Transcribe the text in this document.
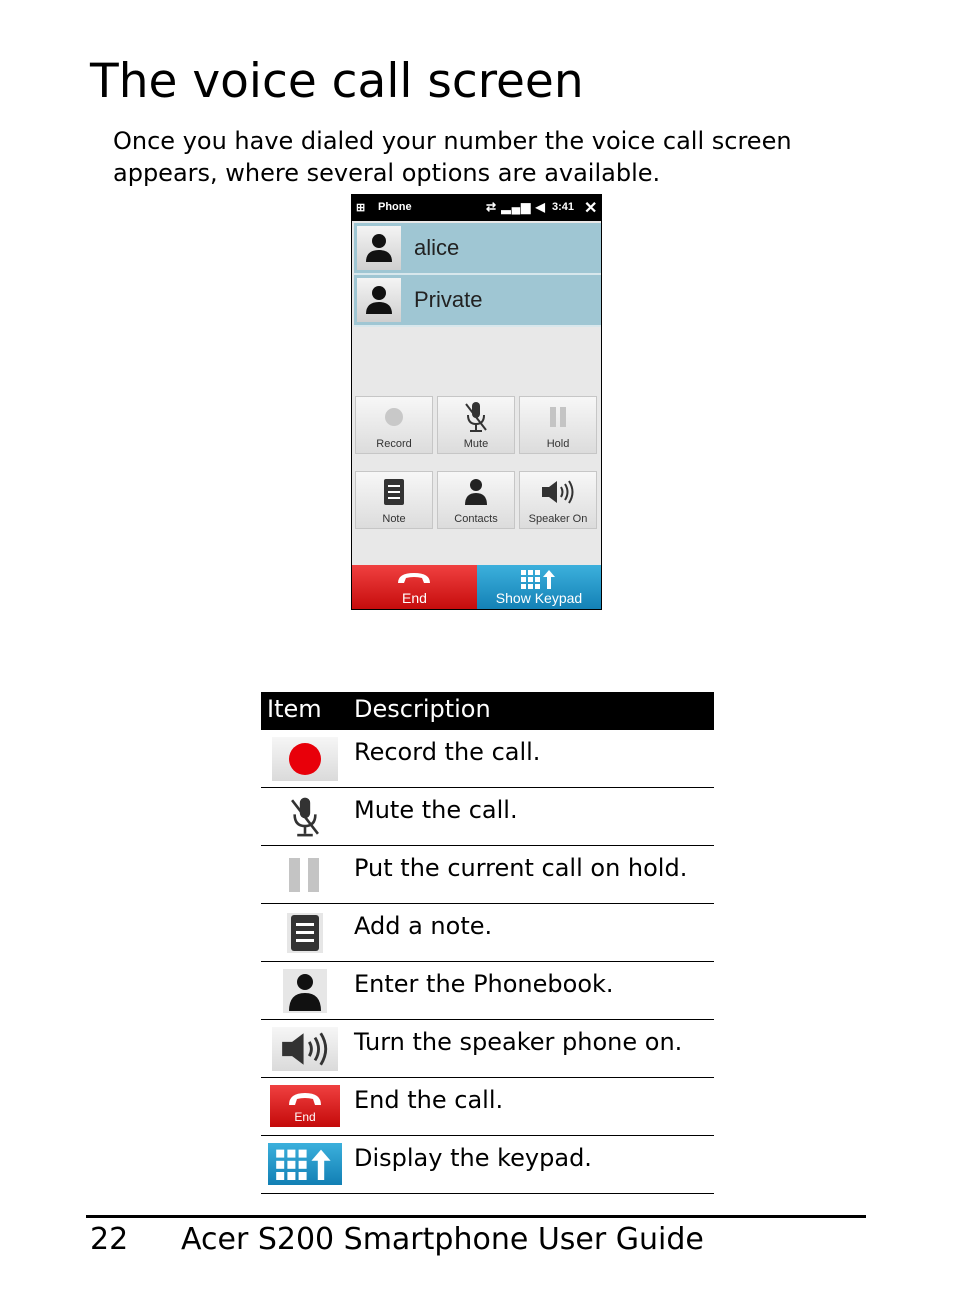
The voice call screen
Once you have dialed your number the voice call screen appears, where several options are available.
⊞ Phone	⇄ ▂▄▆ ◀ 3:41 ✕
alice
Private
Record	Mute	Hold
Note	Contacts	Speaker On
End	Show Keypad
Item Description
Record the call.
Mute the call.
Put the current call on hold.
Add a note.
Enter the Phonebook.
Turn the speaker phone on.
End
End the call.
Display the keypad.
22 Acer S200 Smartphone User Guide
